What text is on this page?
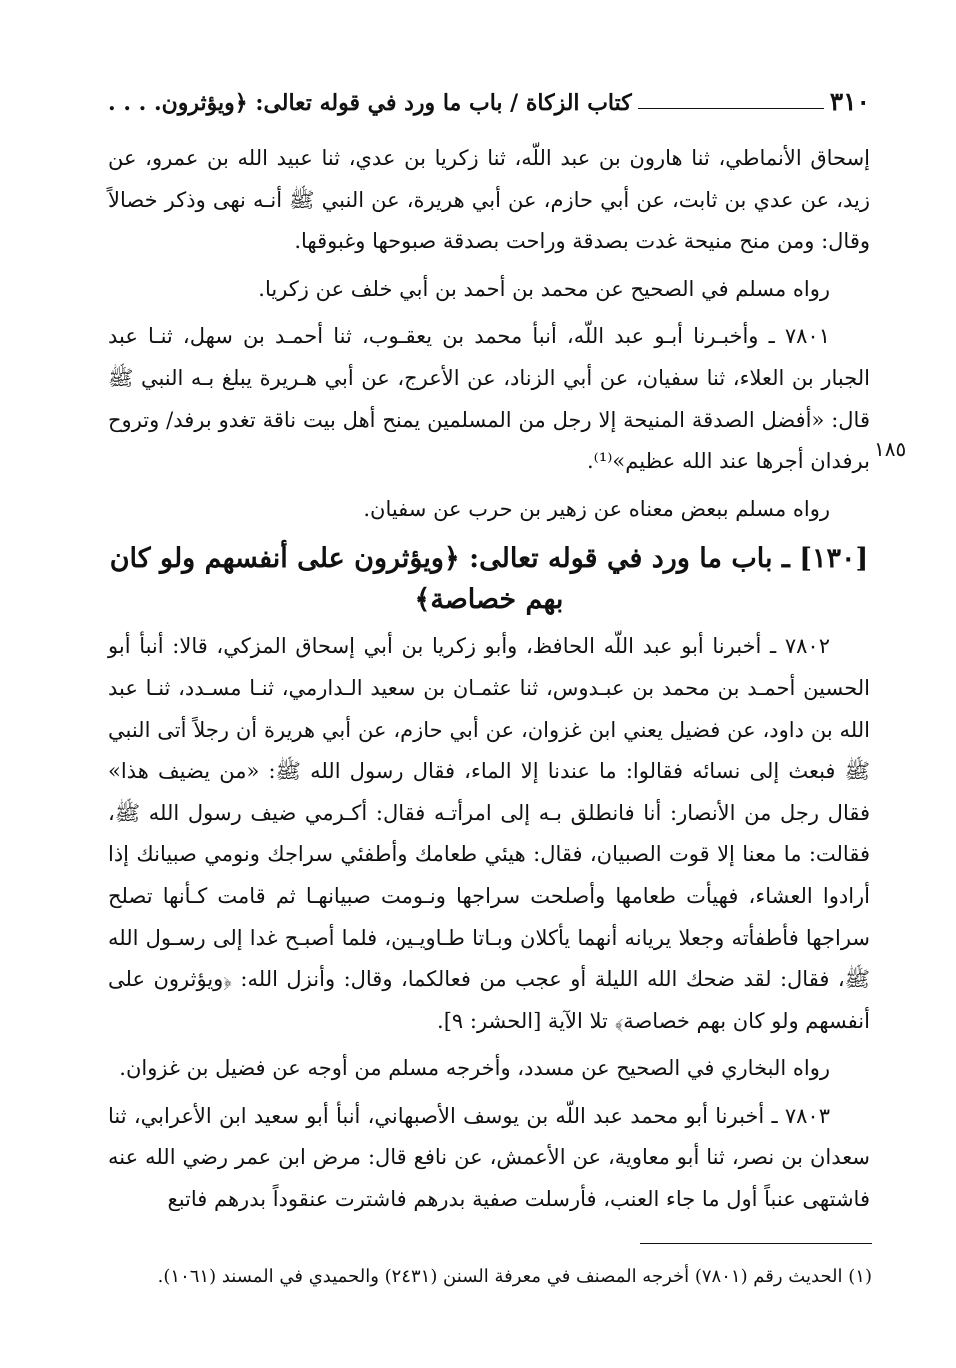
٣١٠
كتاب الزكاة / باب ما ورد في قوله تعالى: ﴿ويؤثرون. . . .

إسحاق الأنماطي، ثنا هارون بن عبد اللّه، ثنا زكريا بن عدي، ثنا عبيد الله بن عمرو، عن زيد، عن عدي بن ثابت، عن أبي حازم، عن أبي هريرة، عن النبي ﷺ أنـه نهى وذكر خصالاً وقال: ومن منح منيحة غدت بصدقة وراحت بصدقة صبوحها وغبوقها.

رواه مسلم في الصحيح عن محمد بن أحمد بن أبي خلف عن زكريا.

٧٨٠١ ـ وأخبـرنا أبـو عبد اللّه، أنبأ محمد بن يعقـوب، ثنا أحمـد بن سهل، ثنـا عبد الجبار بن العلاء، ثنا سفيان، عن أبي الزناد، عن الأعرج، عن أبي هـريرة يبلغ بـه النبي ﷺ قال: «أفضل الصدقة المنيحة إلا رجل من المسلمين يمنح أهل بيت ناقة تغدو برفد/ وتروح برفدان أجرها عند الله عظيم»⁽¹⁾.

رواه مسلم ببعض معناه عن زهير بن حرب عن سفيان.

[١٣٠] ـ باب ما ورد في قوله تعالى: ﴿ويؤثرون على أنفسهم ولو كان بهم خصاصة﴾

٧٨٠٢ ـ أخبرنا أبو عبد اللّه الحافظ، وأبو زكريا بن أبي إسحاق المزكي، قالا: أنبأ أبو الحسين أحمـد بن محمد بن عبـدوس، ثنا عثمـان بن سعيد الـدارمي، ثنـا مسـدد، ثنـا عبد الله بن داود، عن فضيل يعني ابن غزوان، عن أبي حازم، عن أبي هريرة أن رجلاً أتى النبي ﷺ فبعث إلى نسائه فقالوا: ما عندنا إلا الماء، فقال رسول الله ﷺ: «من يضيف هذا» فقال رجل من الأنصار: أنا فانطلق بـه إلى امرأتـه فقال: أكـرمي ضيف رسول الله ﷺ، فقالت: ما معنا إلا قوت الصبيان، فقال: هيئي طعامك وأطفئي سراجك ونومي صبيانك إذا أرادوا العشاء، فهيأت طعامها وأصلحت سراجها ونـومت صبيانهـا ثم قامت كـأنها تصلح سراجها فأطفأته وجعلا يريانه أنهما يأكلان وبـاتا طـاويـين، فلما أصبـح غدا إلى رسـول الله ﷺ، فقال: لقد ضحك الله الليلة أو عجب من فعالكما، وقال: وأنزل الله: ﴿ويؤثرون على أنفسهم ولو كان بهم خصاصة﴾ تلا الآية [الحشر: ٩].

رواه البخاري في الصحيح عن مسدد، وأخرجه مسلم من أوجه عن فضيل بن غزوان.

٧٨٠٣ ـ أخبرنا أبو محمد عبد اللّه بن يوسف الأصبهاني، أنبأ أبو سعيد ابن الأعرابي، ثنا سعدان بن نصر، ثنا أبو معاوية، عن الأعمش، عن نافع قال: مرض ابن عمر رضي الله عنه فاشتهى عنباً أول ما جاء العنب، فأرسلت صفية بدرهم فاشترت عنقوداً بدرهم فاتبع

١٨٥
(١) الحديث رقم (٧٨٠١) أخرجه المصنف في معرفة السنن (٢٤٣١) والحميدي في المسند (١٠٦١).
